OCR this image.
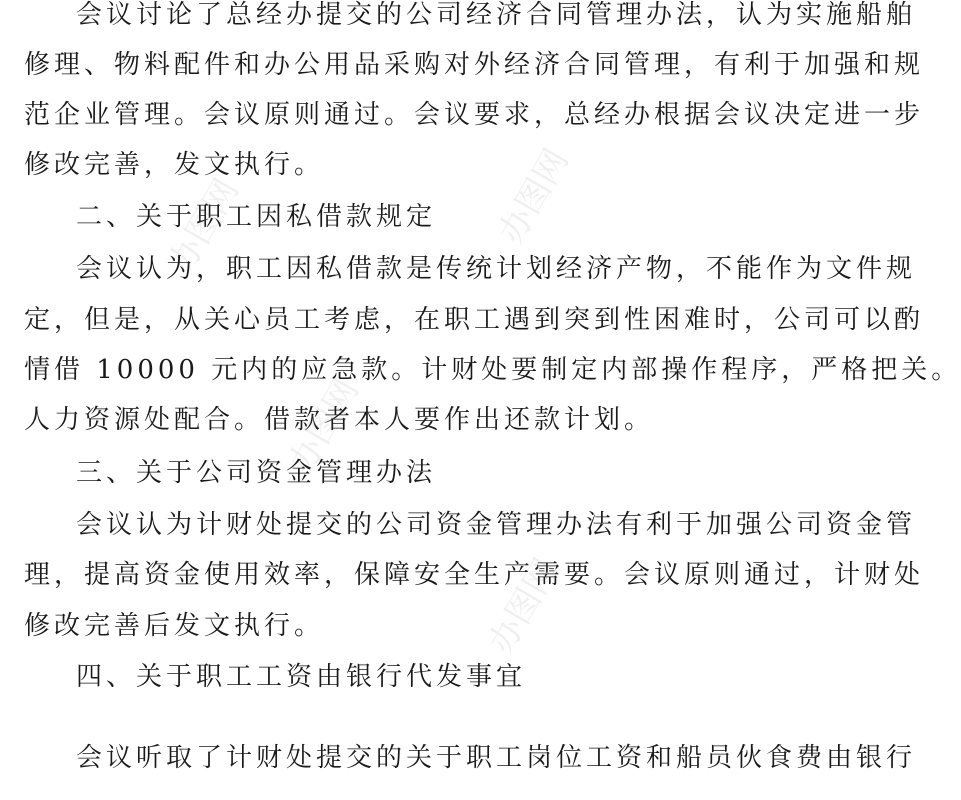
会议讨论了总经办提交的公司经济合同管理办法，认为实施船舶
修理、物料配件和办公用品采购对外经济合同管理，有利于加强和规
范企业管理。会议原则通过。会议要求，总经办根据会议决定进一步
修改完善，发文执行。
二、关于职工因私借款规定
会议认为，职工因私借款是传统计划经济产物，不能作为文件规
定，但是，从关心员工考虑，在职工遇到突到性困难时，公司可以酌
情借 10000 元内的应急款。计财处要制定内部操作程序，严格把关。
人力资源处配合。借款者本人要作出还款计划。
三、关于公司资金管理办法
会议认为计财处提交的公司资金管理办法有利于加强公司资金管
理，提高资金使用效率，保障安全生产需要。会议原则通过，计财处
修改完善后发文执行。
四、关于职工工资由银行代发事宜
会议听取了计财处提交的关于职工岗位工资和船员伙食费由银行
办图网	办图网
办图网
办图网
